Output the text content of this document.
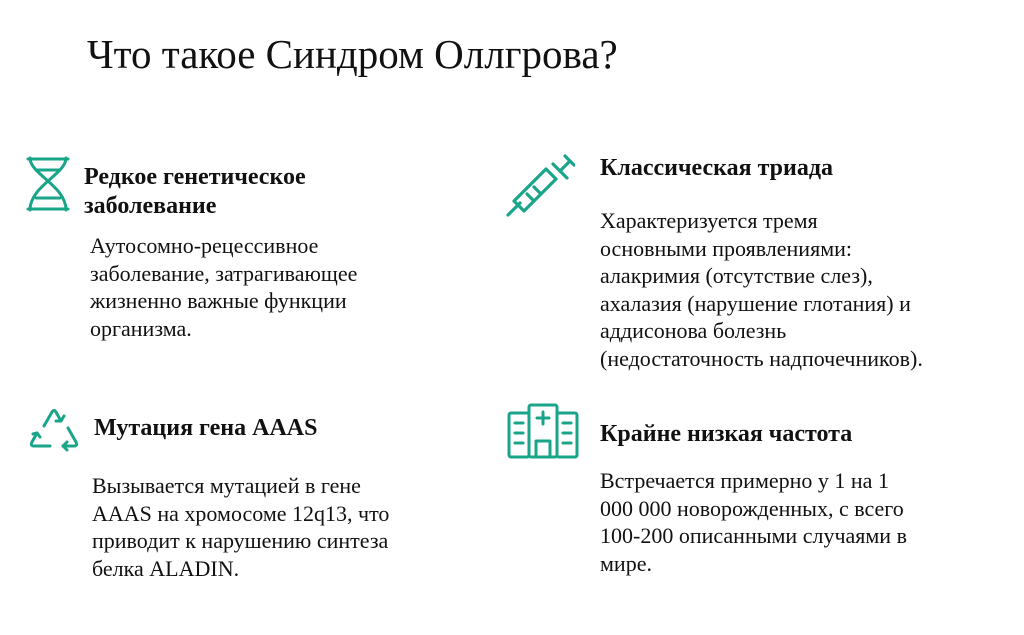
Что такое Синдром Оллгрова?
Редкое генетическое
заболевание

Аутосомно-рецессивное
заболевание, затрагивающее
жизненно важные функции
организма.

Классическая триада

Характеризуется тремя
основными проявлениями:
алакримия (отсутствие слез),
ахалазия (нарушение глотания) и
аддисонова болезнь
(недостаточность надпочечников).

Мутация гена AAAS

Вызывается мутацией в гене
AAAS на хромосоме 12q13, что
приводит к нарушению синтеза
белка ALADIN.

Крайне низкая частота

Встречается примерно у 1 на 1
000 000 новорожденных, с всего
100-200 описанными случаями в
мире.
